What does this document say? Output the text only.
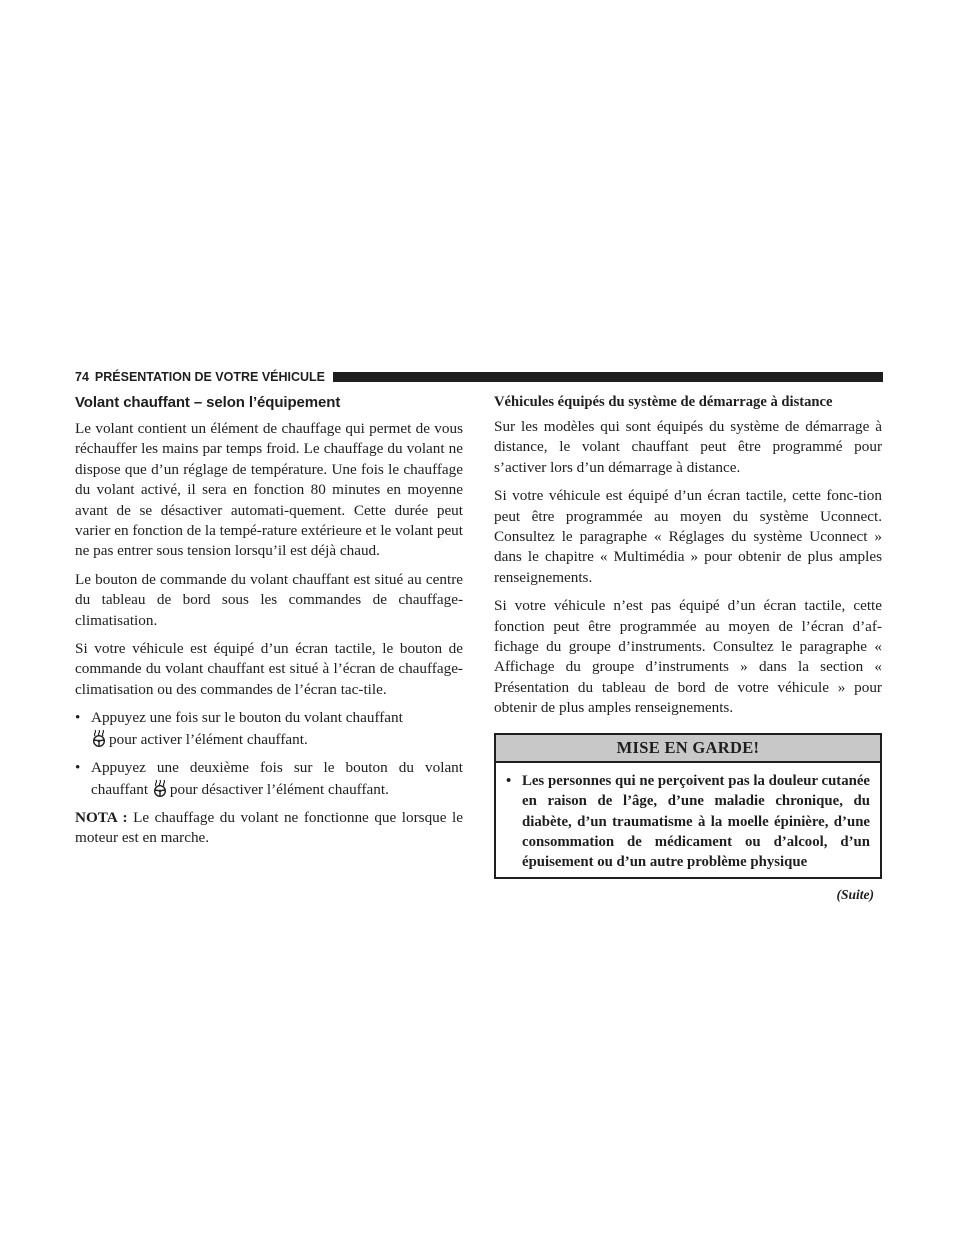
74 PRÉSENTATION DE VOTRE VÉHICULE
Volant chauffant – selon l’équipement

Le volant contient un élément de chauffage qui permet de vous réchauffer les mains par temps froid. Le chauffage du volant ne dispose que d’un réglage de température. Une fois le chauffage du volant activé, il sera en fonction 80 minutes en moyenne avant de se désactiver automati-quement. Cette durée peut varier en fonction de la tempé-rature extérieure et le volant peut ne pas entrer sous tension lorsqu’il est déjà chaud.

Le bouton de commande du volant chauffant est situé au centre du tableau de bord sous les commandes de chauffage-climatisation.

Si votre véhicule est équipé d’un écran tactile, le bouton de commande du volant chauffant est situé à l’écran de chauffage-climatisation ou des commandes de l’écran tac-tile.

• Appuyez une fois sur le bouton du volant chauffant
pour activer l’élément chauffant.
• Appuyez une deuxième fois sur le bouton du volant chauffant pour désactiver l’élément chauffant.

NOTA : Le chauffage du volant ne fonctionne que lorsque le moteur est en marche.

Véhicules équipés du système de démarrage à distance

Sur les modèles qui sont équipés du système de démarrage à distance, le volant chauffant peut être programmé pour s’activer lors d’un démarrage à distance.

Si votre véhicule est équipé d’un écran tactile, cette fonc-tion peut être programmée au moyen du système Uconnect. Consultez le paragraphe « Réglages du système Uconnect » dans le chapitre « Multimédia » pour obtenir de plus amples renseignements.

Si votre véhicule n’est pas équipé d’un écran tactile, cette fonction peut être programmée au moyen de l’écran d’af-fichage du groupe d’instruments. Consultez le paragraphe « Affichage du groupe d’instruments » dans la section « Présentation du tableau de bord de votre véhicule » pour obtenir de plus amples renseignements.

MISE EN GARDE!
• Les personnes qui ne perçoivent pas la douleur cutanée en raison de l’âge, d’une maladie chronique, du diabète, d’un traumatisme à la moelle épinière, d’une consommation de médicament ou d’alcool, d’un épuisement ou d’un autre problème physique
(Suite)
